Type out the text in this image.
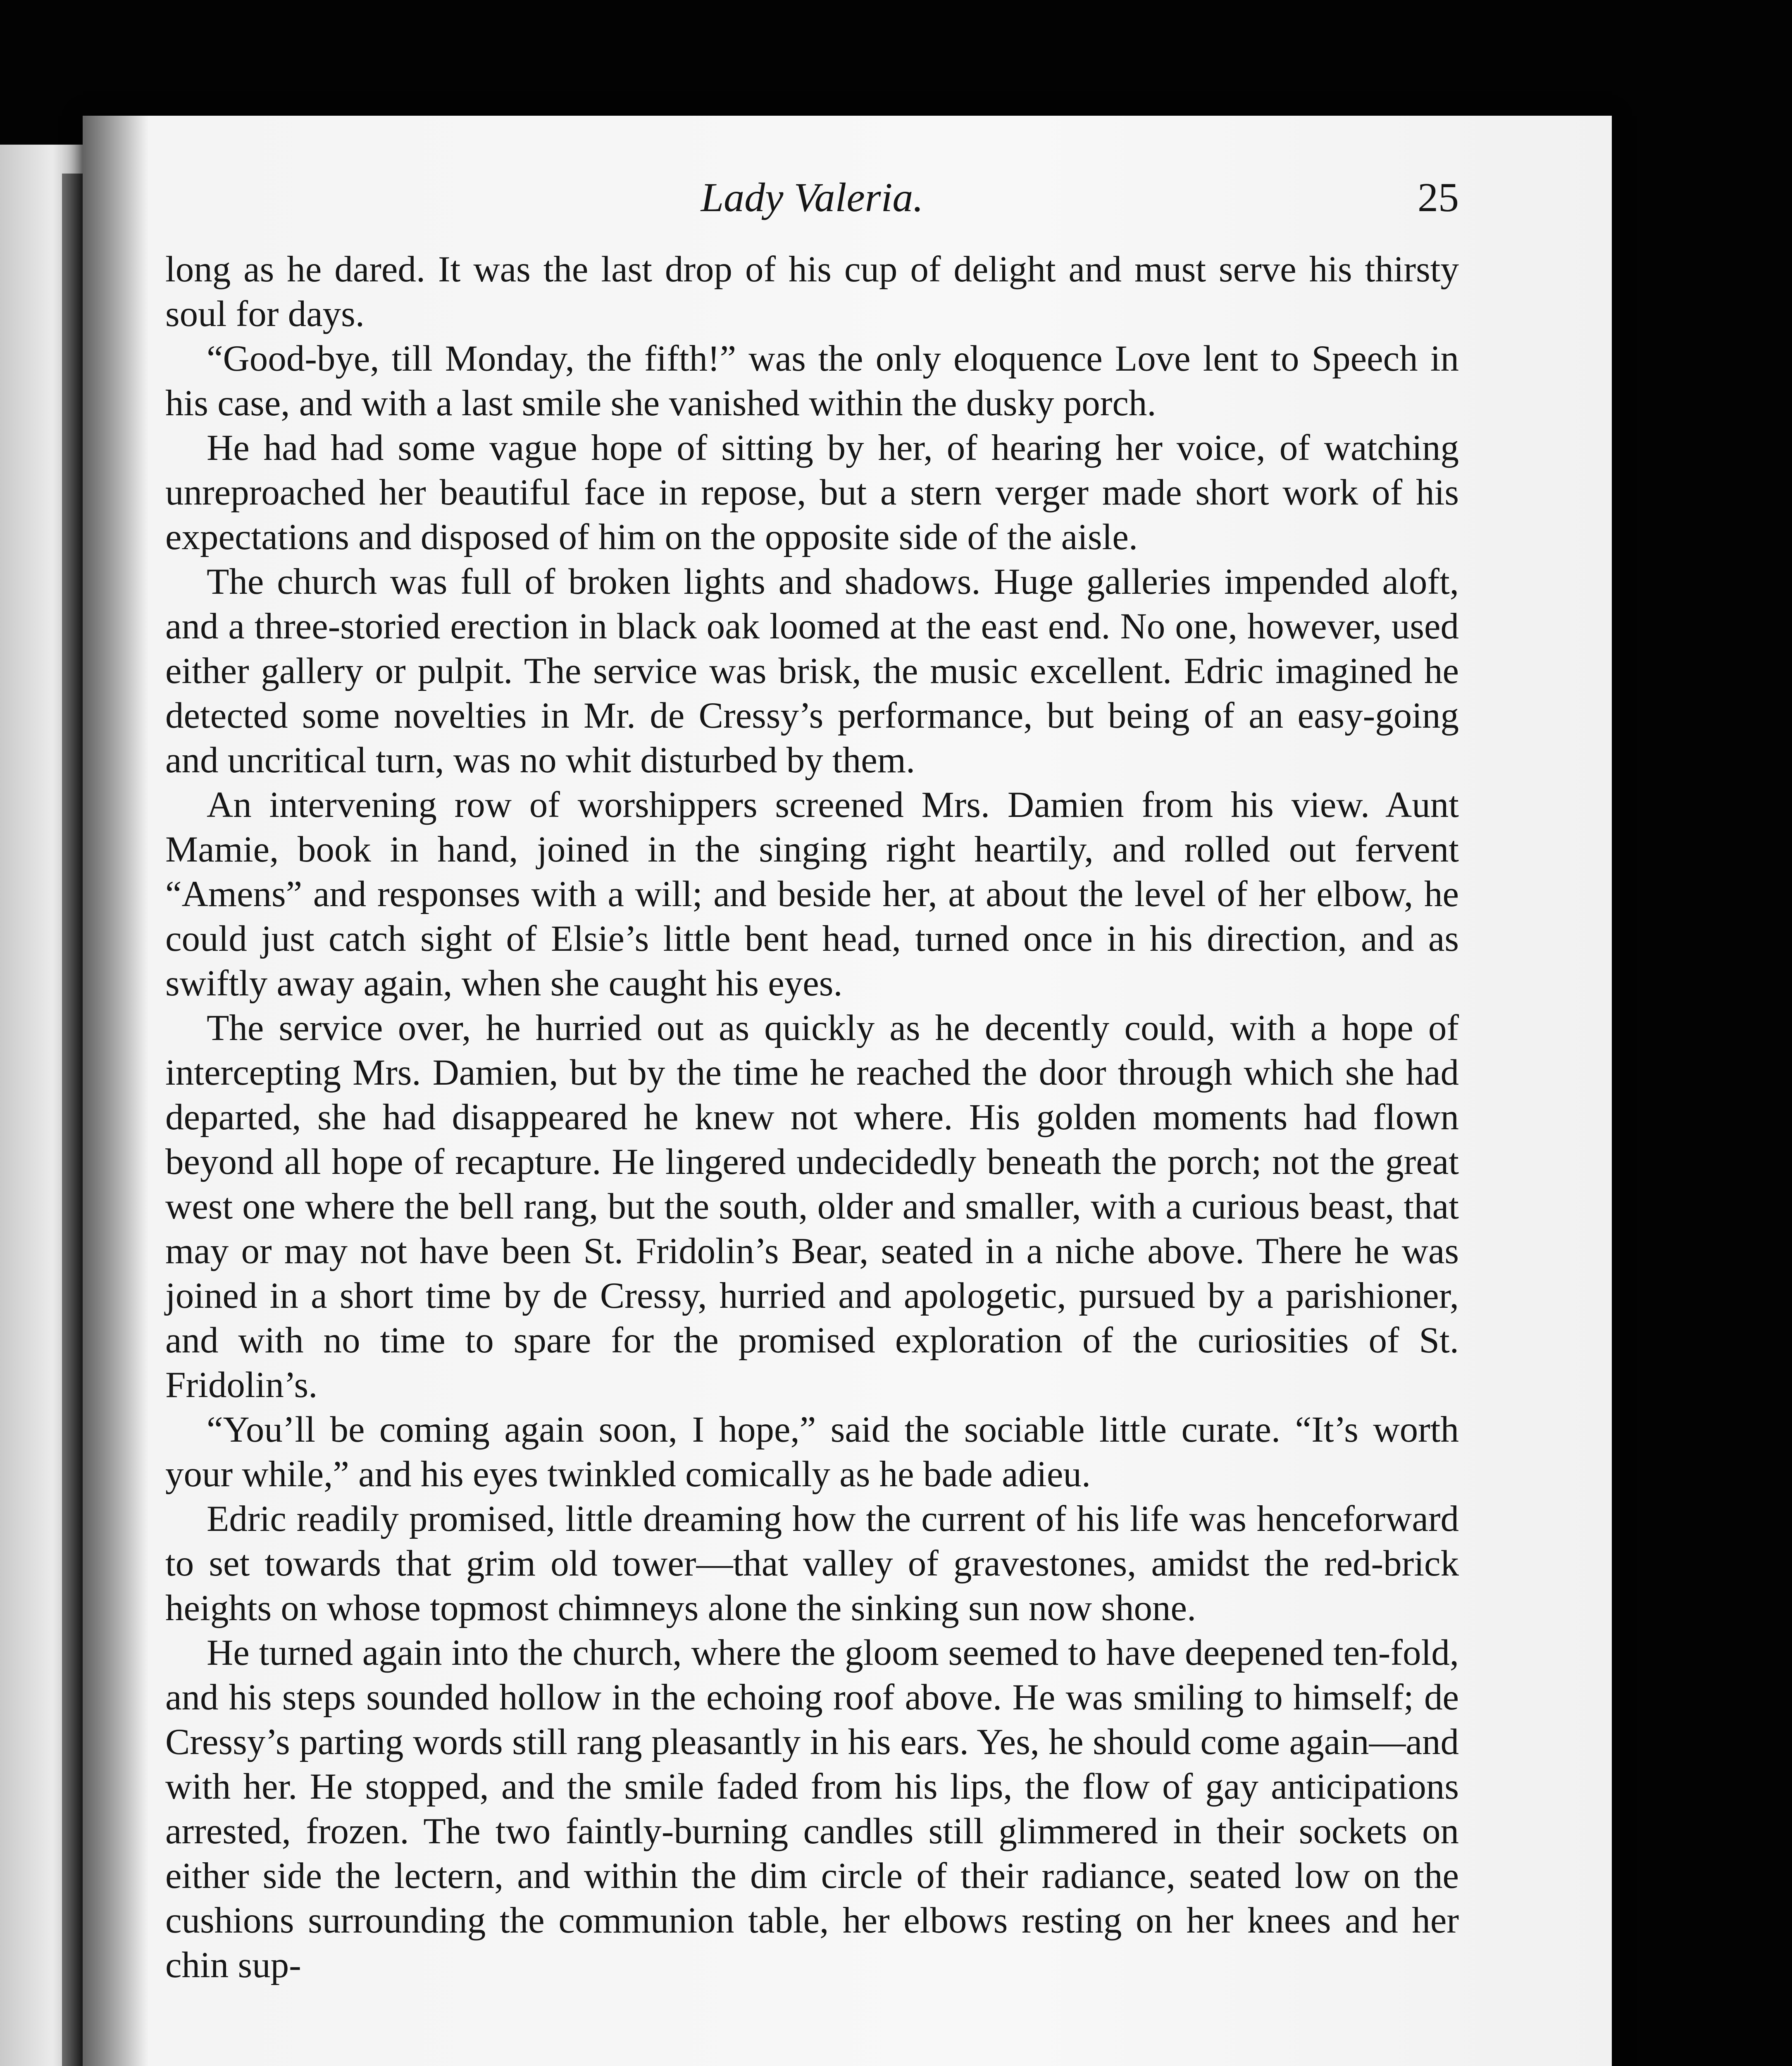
Lady Valeria.	25

long as he dared. It was the last drop of his cup of delight and must serve his thirsty soul for days.

“Good-bye, till Monday, the fifth!” was the only eloquence Love lent to Speech in his case, and with a last smile she vanished within the dusky porch.

He had had some vague hope of sitting by her, of hearing her voice, of watching unreproached her beautiful face in repose, but a stern verger made short work of his expectations and disposed of him on the opposite side of the aisle.

The church was full of broken lights and shadows. Huge galleries impended aloft, and a three-storied erection in black oak loomed at the east end. No one, however, used either gallery or pulpit. The service was brisk, the music excellent. Edric imagined he detected some novelties in Mr. de Cressy’s performance, but being of an easy-going and uncritical turn, was no whit disturbed by them.

An intervening row of worshippers screened Mrs. Damien from his view. Aunt Mamie, book in hand, joined in the singing right heartily, and rolled out fervent “Amens” and responses with a will; and beside her, at about the level of her elbow, he could just catch sight of Elsie’s little bent head, turned once in his direction, and as swiftly away again, when she caught his eyes.

The service over, he hurried out as quickly as he decently could, with a hope of intercepting Mrs. Damien, but by the time he reached the door through which she had departed, she had disappeared he knew not where. His golden moments had flown beyond all hope of recapture. He lingered undecidedly beneath the porch; not the great west one where the bell rang, but the south, older and smaller, with a curious beast, that may or may not have been St. Fridolin’s Bear, seated in a niche above. There he was joined in a short time by de Cressy, hurried and apologetic, pursued by a parishioner, and with no time to spare for the promised exploration of the curiosities of St. Fridolin’s.

“You’ll be coming again soon, I hope,” said the sociable little curate. “It’s worth your while,” and his eyes twinkled comically as he bade adieu.

Edric readily promised, little dreaming how the current of his life was henceforward to set towards that grim old tower—that valley of gravestones, amidst the red-brick heights on whose topmost chimneys alone the sinking sun now shone.

He turned again into the church, where the gloom seemed to have deepened ten-fold, and his steps sounded hollow in the echoing roof above. He was smiling to himself; de Cressy’s parting words still rang pleasantly in his ears. Yes, he should come again—and with her. He stopped, and the smile faded from his lips, the flow of gay anticipations arrested, frozen. The two faintly-burning candles still glimmered in their sockets on either side the lectern, and within the dim circle of their radiance, seated low on the cushions surrounding the communion table, her elbows resting on her knees and her chin sup-
